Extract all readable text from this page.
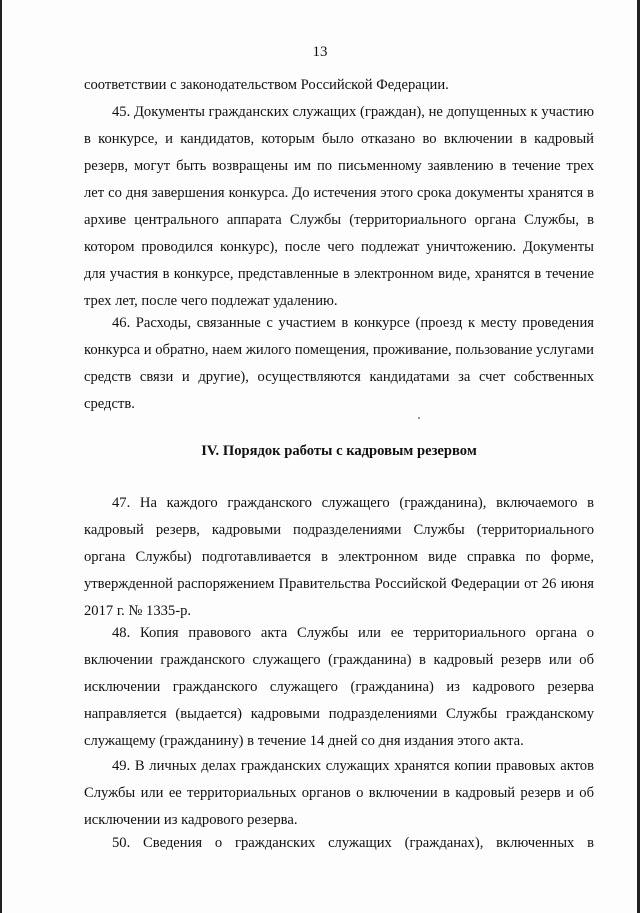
13
соответствии с законодательством Российской Федерации.
45. Документы гражданских служащих (граждан), не допущенных к участию в конкурсе, и кандидатов, которым было отказано во включении в кадровый резерв, могут быть возвращены им по письменному заявлению в течение трех лет со дня завершения конкурса. До истечения этого срока документы хранятся в архиве центрального аппарата Службы (территориального органа Службы, в котором проводился конкурс), после чего подлежат уничтожению. Документы для участия в конкурсе, представленные в электронном виде, хранятся в течение трех лет, после чего подлежат удалению.
46. Расходы, связанные с участием в конкурсе (проезд к месту проведения конкурса и обратно, наем жилого помещения, проживание, пользование услугами средств связи и другие), осуществляются кандидатами за счет собственных средств.
IV. Порядок работы с кадровым резервом
47. На каждого гражданского служащего (гражданина), включаемого в кадровый резерв, кадровыми подразделениями Службы (территориального органа Службы) подготавливается в электронном виде справка по форме, утвержденной распоряжением Правительства Российской Федерации от 26 июня 2017 г. № 1335-р.
48. Копия правового акта Службы или ее территориального органа о включении гражданского служащего (гражданина) в кадровый резерв или об исключении гражданского служащего (гражданина) из кадрового резерва направляется (выдается) кадровыми подразделениями Службы гражданскому служащему (гражданину) в течение 14 дней со дня издания этого акта.
49. В личных делах гражданских служащих хранятся копии правовых актов Службы или ее территориальных органов о включении в кадровый резерв и об исключении из кадрового резерва.
50. Сведения о гражданских служащих (гражданах), включенных в
